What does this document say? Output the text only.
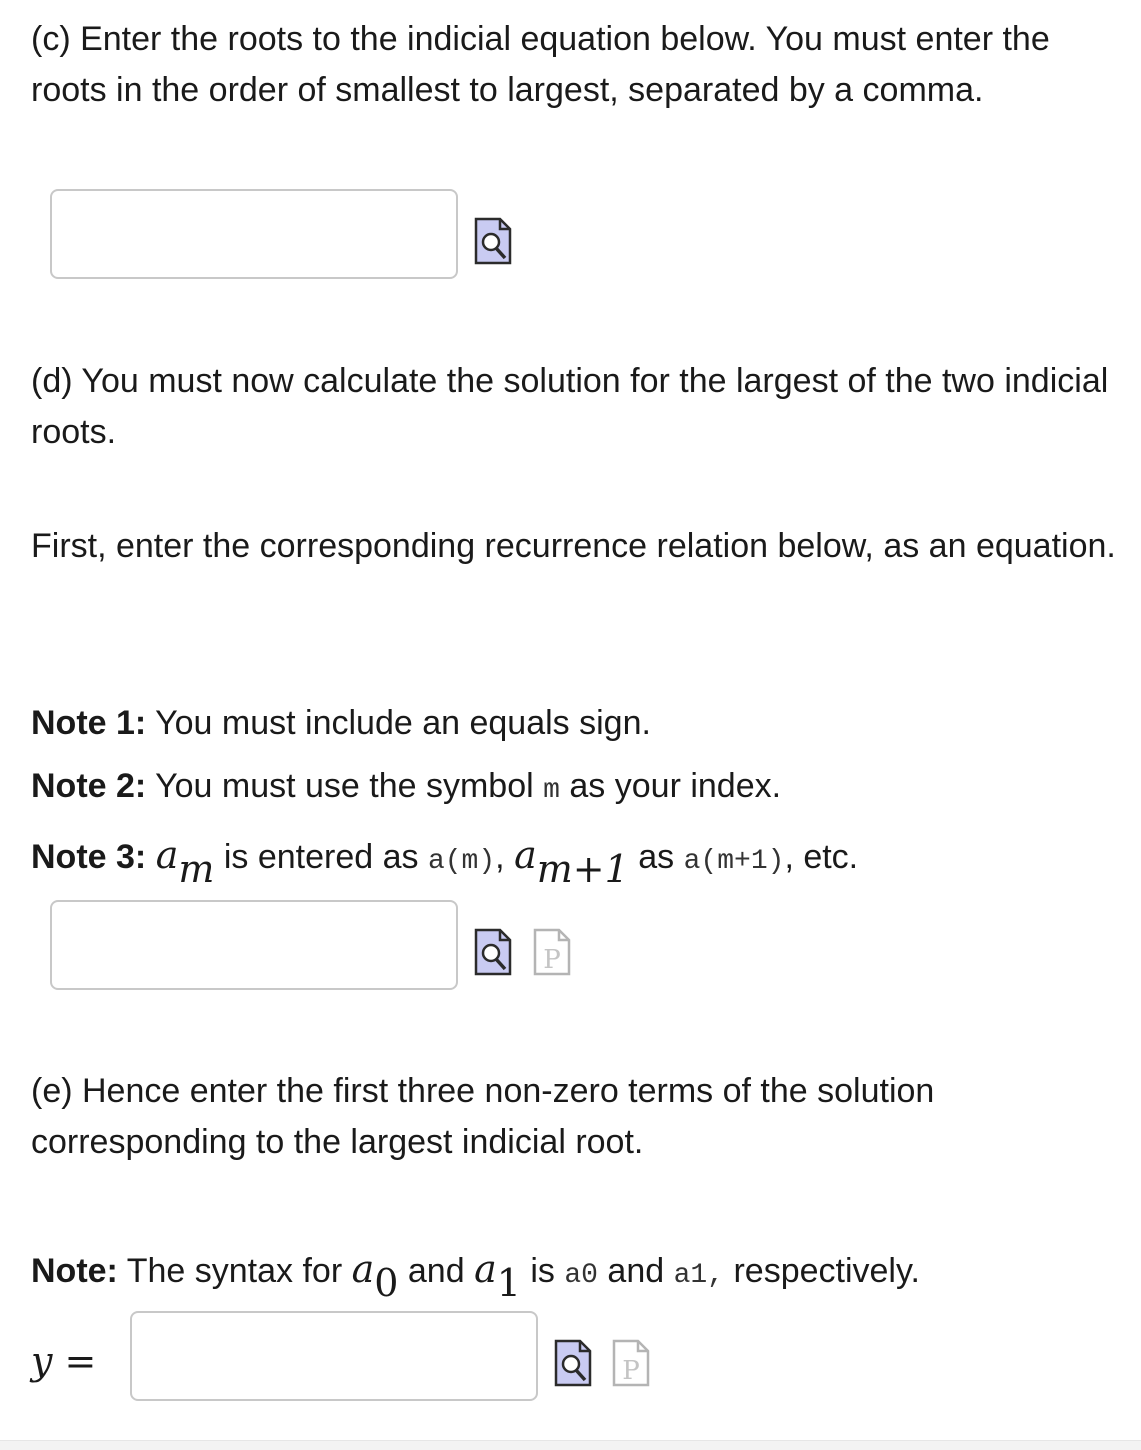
(c) Enter the roots to the indicial equation below. You must enter the roots in the order of smallest to largest, separated by a comma.

(d) You must now calculate the solution for the largest of the two indicial roots.

First, enter the corresponding recurrence relation below, as an equation.

Note 1: You must include an equals sign.

Note 2: You must use the symbol m as your index.

Note 3: $a_m$ is entered as a(m), $a_{m+1}$ as a(m+1), etc.

P

(e) Hence enter the first three non-zero terms of the solution corresponding to the largest indicial root.

Note: The syntax for $a_0$ and $a_1$ is a0 and a1, respectively.

y =	P
